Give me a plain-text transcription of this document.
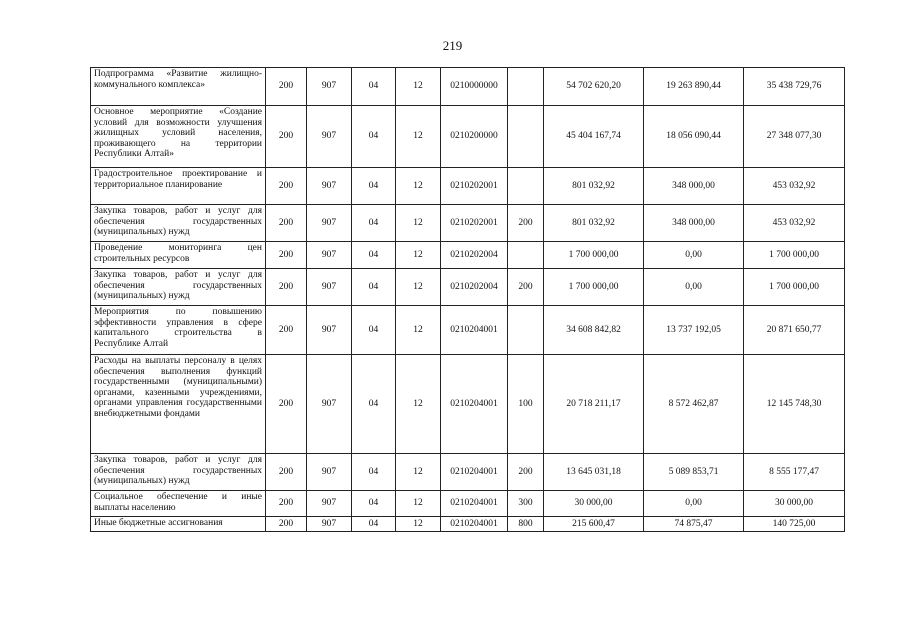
219
Подпрограмма «Развитие жилищно-коммунального комплекса»	200	907	04	12	0210000000		54 702 620,20	19 263 890,44	35 438 729,76
Основное мероприятие «Создание условий для возможности улучшения жилищных условий населения, проживающего на территории Республики Алтай»	200	907	04	12	0210200000		45 404 167,74	18 056 090,44	27 348 077,30
Градостроительное проектирование и территориальное планирование	200	907	04	12	0210202001		801 032,92	348 000,00	453 032,92
Закупка товаров, работ и услуг для обеспечения государственных (муниципальных) нужд	200	907	04	12	0210202001	200	801 032,92	348 000,00	453 032,92
Проведение мониторинга цен строительных ресурсов	200	907	04	12	0210202004		1 700 000,00	0,00	1 700 000,00
Закупка товаров, работ и услуг для обеспечения государственных (муниципальных) нужд	200	907	04	12	0210202004	200	1 700 000,00	0,00	1 700 000,00
Мероприятия по повышению эффективности управления в сфере капитального строительства в Республике Алтай	200	907	04	12	0210204001		34 608 842,82	13 737 192,05	20 871 650,77
Расходы на выплаты персоналу в целях обеспечения выполнения функций государственными (муниципальными) органами, казенными учреждениями, органами управления государственными внебюджетными фондами	200	907	04	12	0210204001	100	20 718 211,17	8 572 462,87	12 145 748,30
Закупка товаров, работ и услуг для обеспечения государственных (муниципальных) нужд	200	907	04	12	0210204001	200	13 645 031,18	5 089 853,71	8 555 177,47
Социальное обеспечение и иные выплаты населению	200	907	04	12	0210204001	300	30 000,00	0,00	30 000,00
Иные бюджетные ассигнования	200	907	04	12	0210204001	800	215 600,47	74 875,47	140 725,00
